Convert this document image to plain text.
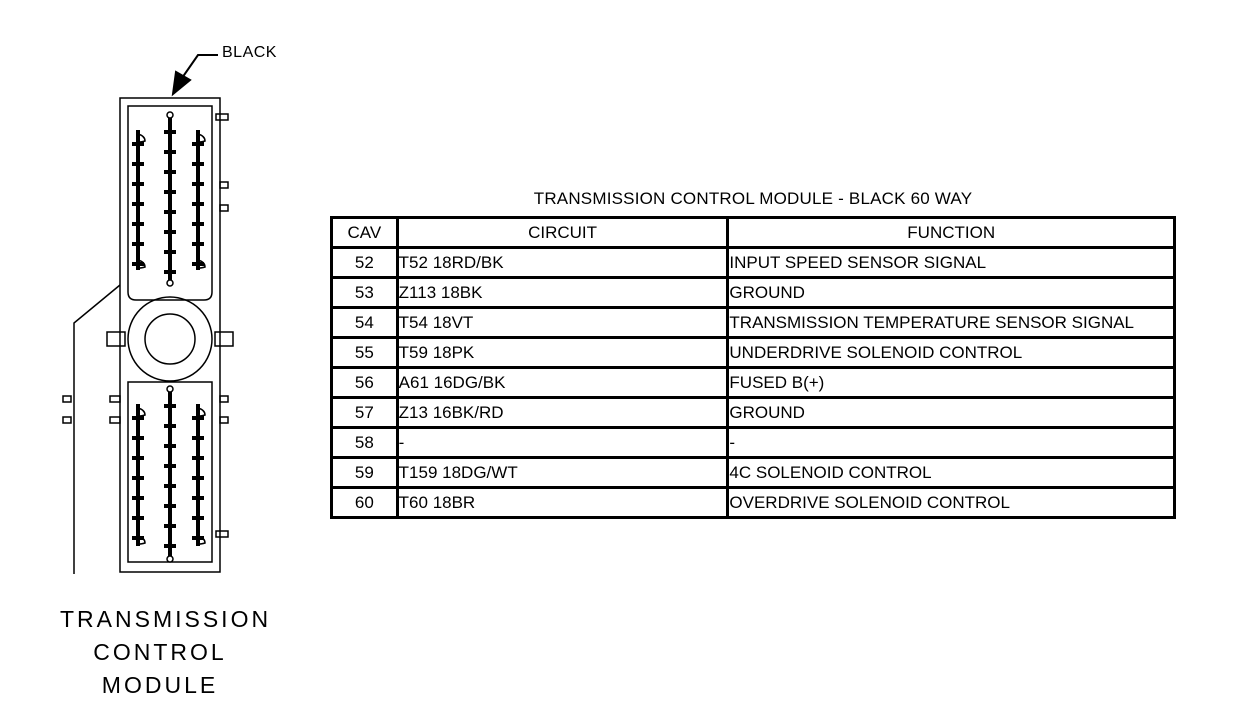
BLACK
TRANSMISSION
CONTROL
MODULE
TRANSMISSION CONTROL MODULE - BLACK 60 WAY
CAV	CIRCUIT	FUNCTION
52	T52 18RD/BK	INPUT SPEED SENSOR SIGNAL
53	Z113 18BK	GROUND
54	T54 18VT	TRANSMISSION TEMPERATURE SENSOR SIGNAL
55	T59 18PK	UNDERDRIVE SOLENOID CONTROL
56	A61 16DG/BK	FUSED B(+)
57	Z13 16BK/RD	GROUND
58	-	-
59	T159 18DG/WT	4C SOLENOID CONTROL
60	T60 18BR	OVERDRIVE SOLENOID CONTROL
